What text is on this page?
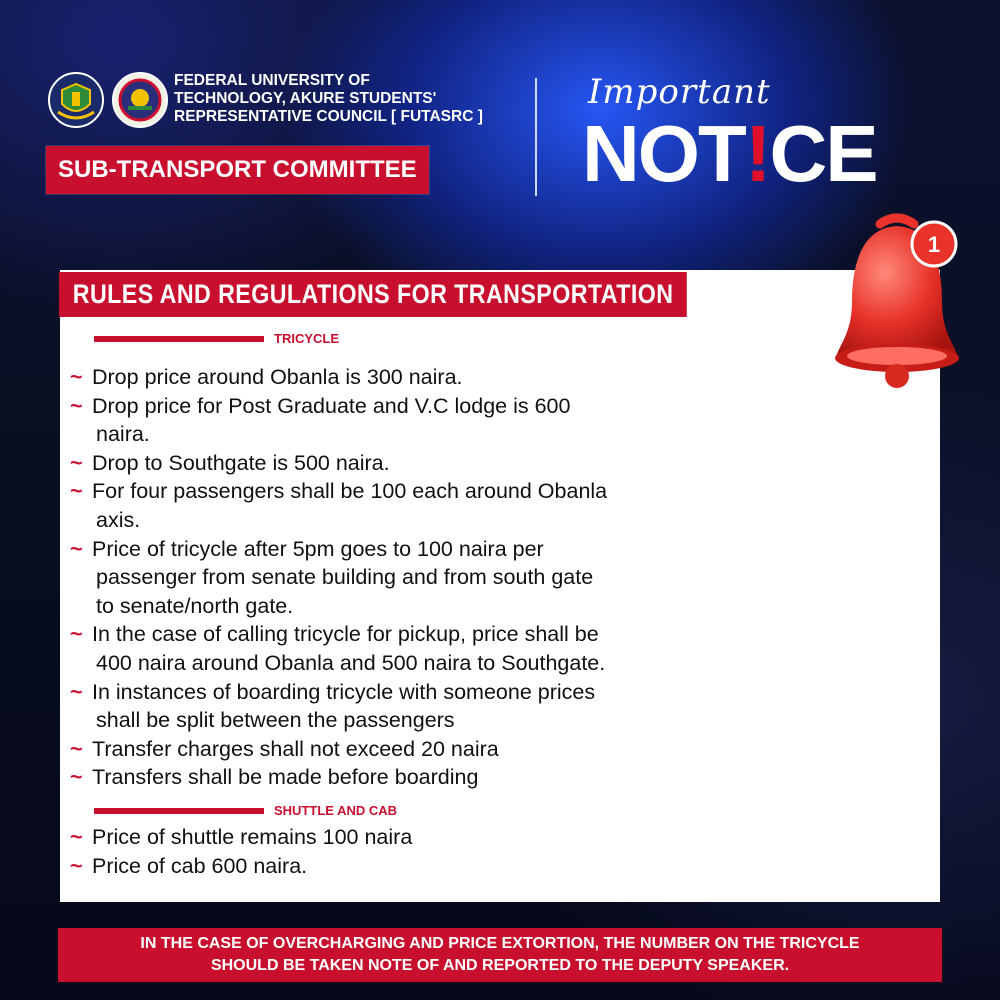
FEDERAL UNIVERSITY OF
TECHNOLOGY, AKURE STUDENTS'
REPRESENTATIVE COUNCIL [ FUTASRC ]
SUB-TRANSPORT COMMITTEE
Important
NOT!CE
1
RULES AND REGULATIONS FOR TRANSPORTATION
TRICYCLE
~ Drop price around Obanla is 300 naira.
~ Drop price for Post Graduate and V.C lodge is 600
naira.
~ Drop to Southgate is 500 naira.
~ For four passengers shall be 100 each around Obanla
axis.
~ Price of tricycle after 5pm goes to 100 naira per
passenger from senate building and from south gate
to senate/north gate.
~ In the case of calling tricycle for pickup, price shall be
400 naira around Obanla and 500 naira to Southgate.
~ In instances of boarding tricycle with someone prices
shall be split between the passengers
~ Transfer charges shall not exceed 20 naira
~ Transfers shall be made before boarding
SHUTTLE AND CAB
~ Price of shuttle remains 100 naira
~ Price of cab 600 naira.
IN THE CASE OF OVERCHARGING AND PRICE EXTORTION, THE NUMBER ON THE TRICYCLE
SHOULD BE TAKEN NOTE OF AND REPORTED TO THE DEPUTY SPEAKER.
